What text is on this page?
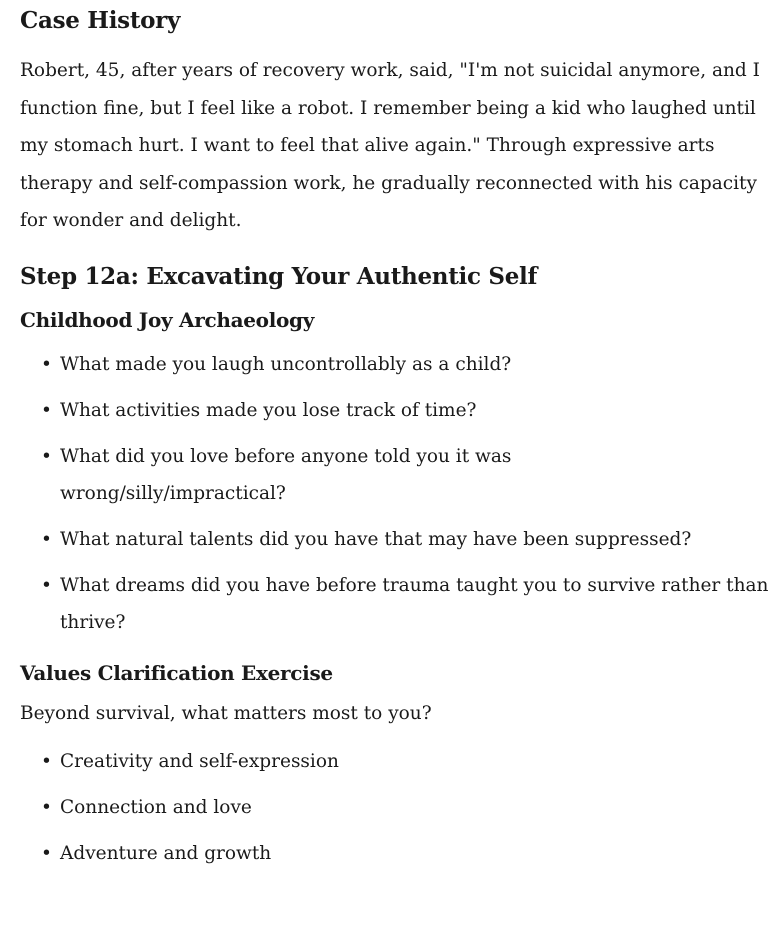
Case History

Robert, 45, after years of recovery work, said, "I'm not suicidal anymore, and I function fine, but I feel like a robot. I remember being a kid who laughed until my stomach hurt. I want to feel that alive again." Through expressive arts therapy and self-compassion work, he gradually reconnected with his capacity for wonder and delight.

Step 12a: Excavating Your Authentic Self
Childhood Joy Archaeology
• What made you laugh uncontrollably as a child?
• What activities made you lose track of time?
• What did you love before anyone told you it was wrong/silly/impractical?
• What natural talents did you have that may have been suppressed?
• What dreams did you have before trauma taught you to survive rather than thrive?
Values Clarification Exercise

Beyond survival, what matters most to you?

• Creativity and self-expression
• Connection and love
• Adventure and growth
